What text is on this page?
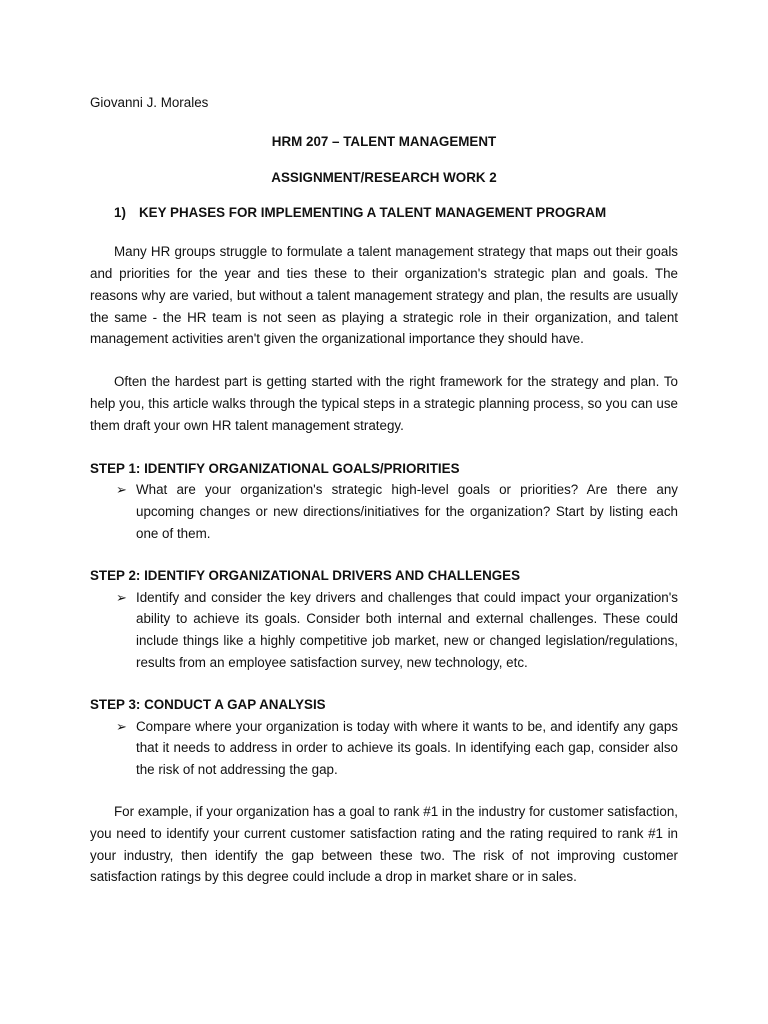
Giovanni J. Morales
HRM 207 – TALENT MANAGEMENT
ASSIGNMENT/RESEARCH WORK 2
1) KEY PHASES FOR IMPLEMENTING A TALENT MANAGEMENT PROGRAM

Many HR groups struggle to formulate a talent management strategy that maps out their goals and priorities for the year and ties these to their organization's strategic plan and goals. The reasons why are varied, but without a talent management strategy and plan, the results are usually the same - the HR team is not seen as playing a strategic role in their organization, and talent management activities aren't given the organizational importance they should have.

Often the hardest part is getting started with the right framework for the strategy and plan. To help you, this article walks through the typical steps in a strategic planning process, so you can use them draft your own HR talent management strategy.

STEP 1: IDENTIFY ORGANIZATIONAL GOALS/PRIORITIES
➢ What are your organization's strategic high-level goals or priorities? Are there any upcoming changes or new directions/initiatives for the organization? Start by listing each one of them.
STEP 2: IDENTIFY ORGANIZATIONAL DRIVERS AND CHALLENGES
➢ Identify and consider the key drivers and challenges that could impact your organization's ability to achieve its goals. Consider both internal and external challenges. These could include things like a highly competitive job market, new or changed legislation/regulations, results from an employee satisfaction survey, new technology, etc.
STEP 3: CONDUCT A GAP ANALYSIS
➢ Compare where your organization is today with where it wants to be, and identify any gaps that it needs to address in order to achieve its goals. In identifying each gap, consider also the risk of not addressing the gap.

For example, if your organization has a goal to rank #1 in the industry for customer satisfaction, you need to identify your current customer satisfaction rating and the rating required to rank #1 in your industry, then identify the gap between these two. The risk of not improving customer satisfaction ratings by this degree could include a drop in market share or in sales.
